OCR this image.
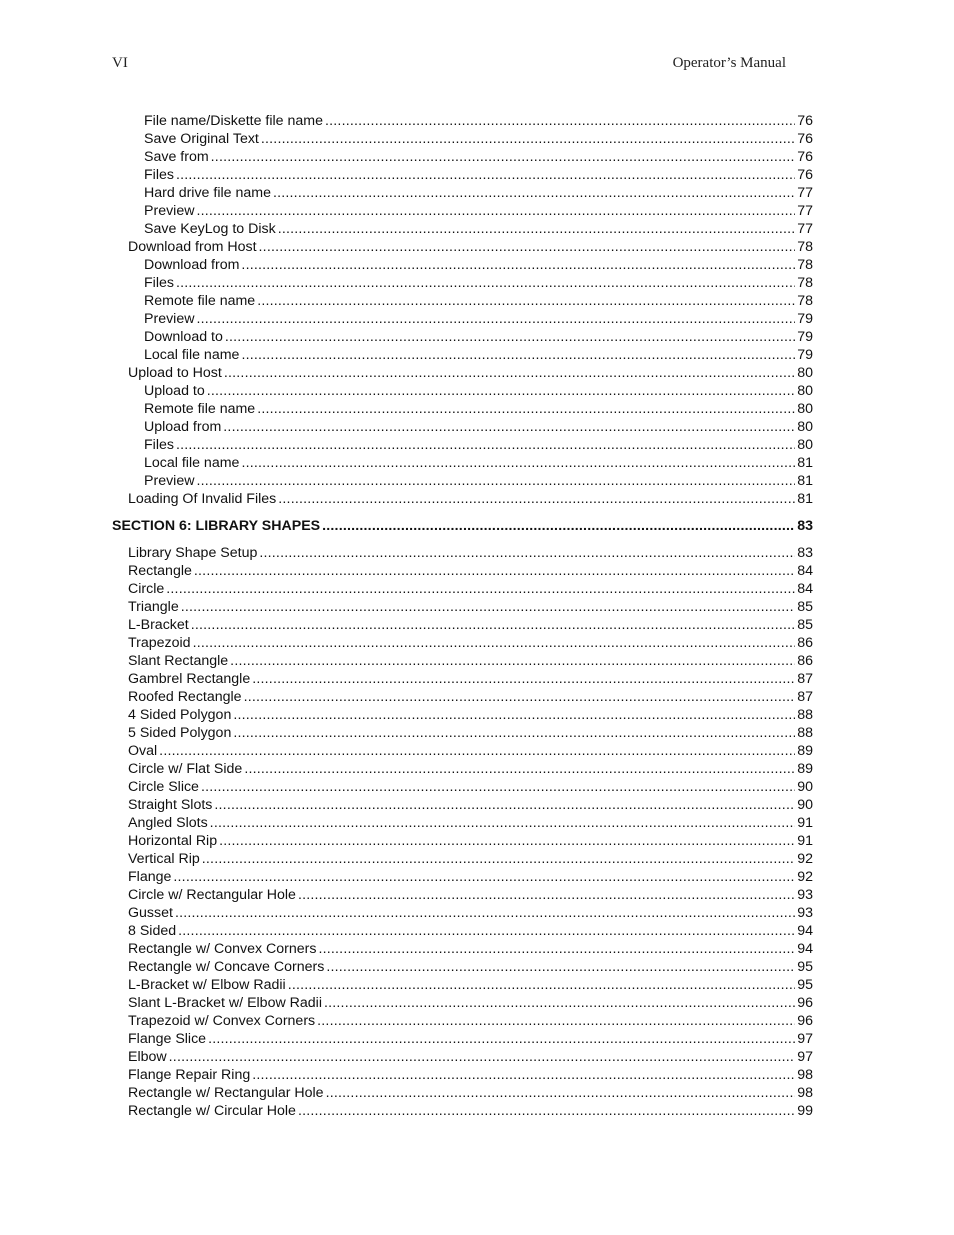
VI	Operator’s Manual
File name/Diskette file name .....	76
Save Original Text .....	76
Save from .....	76
Files .....	76
Hard drive file name .....	77
Preview .....	77
Save KeyLog to Disk .....	77
Download from Host .....	78
Download from .....	78
Files .....	78
Remote file name .....	78
Preview .....	79
Download to .....	79
Local file name .....	79
Upload to Host .....	80
Upload to .....	80
Remote file name .....	80
Upload from .....	80
Files .....	80
Local file name .....	81
Preview .....	81
Loading Of Invalid Files .....	81
SECTION 6: LIBRARY SHAPES .....	83
Library Shape Setup .....	83
Rectangle .....	84
Circle .....	84
Triangle .....	85
L-Bracket .....	85
Trapezoid .....	86
Slant Rectangle .....	86
Gambrel Rectangle .....	87
Roofed Rectangle .....	87
4 Sided Polygon .....	88
5 Sided Polygon .....	88
Oval .....	89
Circle w/ Flat Side .....	89
Circle Slice .....	90
Straight Slots .....	90
Angled Slots .....	91
Horizontal Rip .....	91
Vertical Rip .....	92
Flange .....	92
Circle w/ Rectangular Hole .....	93
Gusset .....	93
8 Sided .....	94
Rectangle w/ Convex Corners .....	94
Rectangle w/ Concave Corners .....	95
L-Bracket w/ Elbow Radii .....	95
Slant L-Bracket w/ Elbow Radii .....	96
Trapezoid w/ Convex Corners .....	96
Flange Slice .....	97
Elbow .....	97
Flange Repair Ring .....	98
Rectangle w/ Rectangular Hole .....	98
Rectangle w/ Circular Hole .....	99
